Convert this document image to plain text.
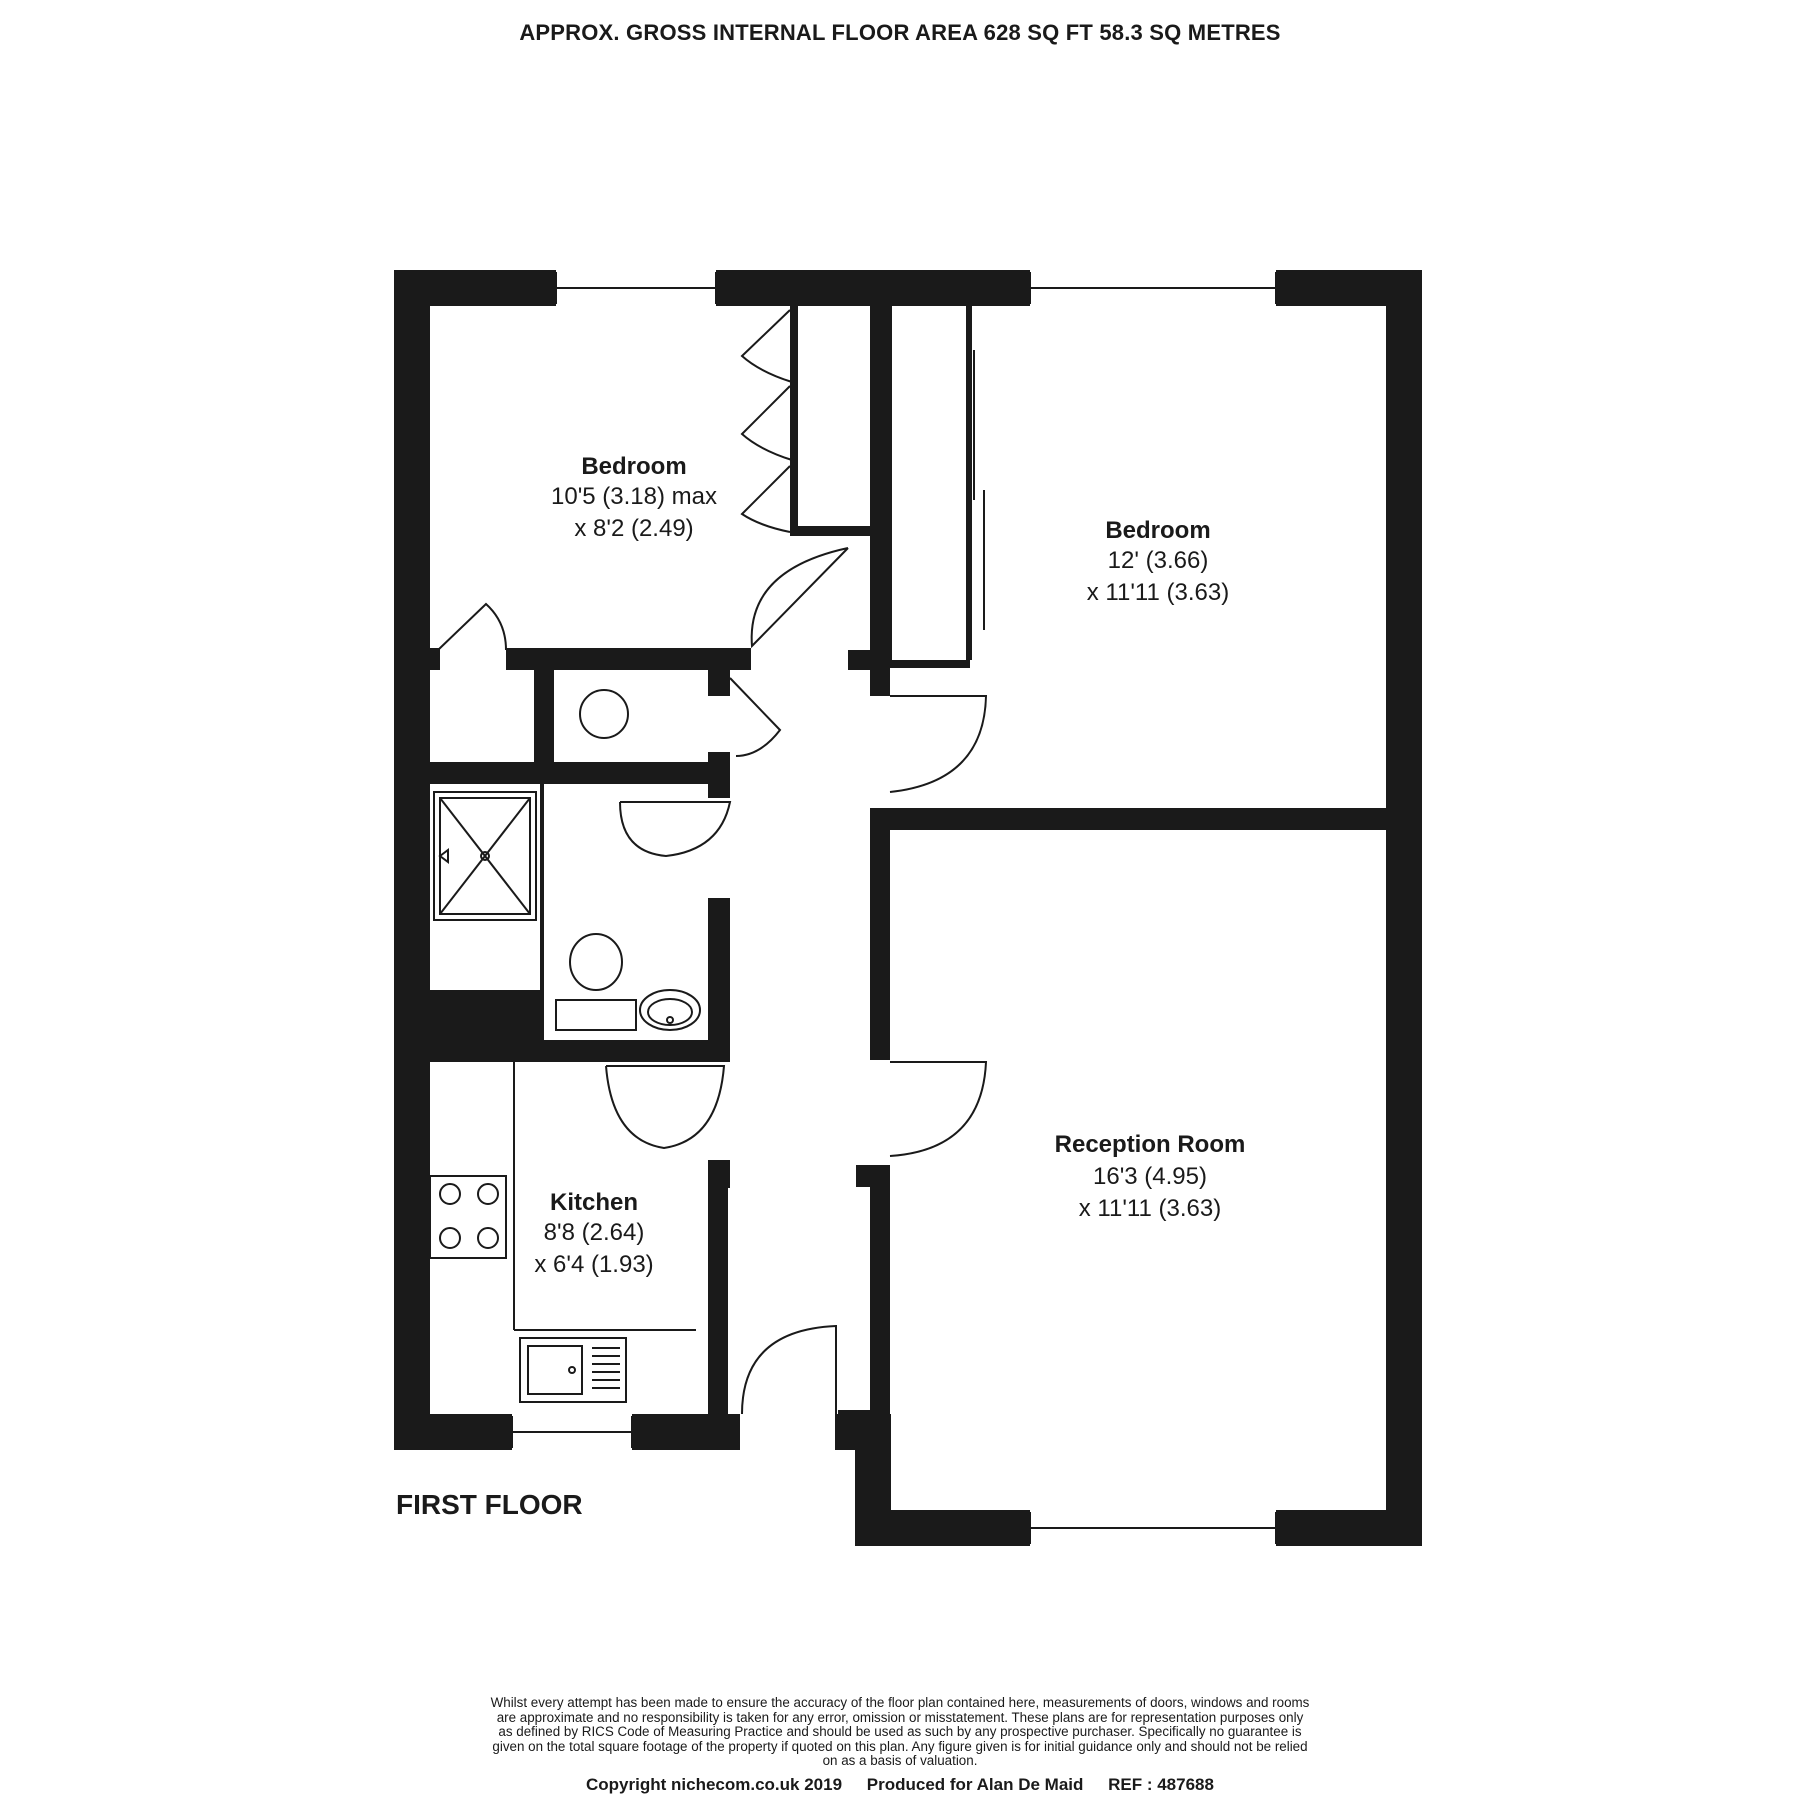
APPROX. GROSS INTERNAL FLOOR AREA 628 SQ FT 58.3 SQ METRES
Bedroom
10'5 (3.18) max
x 8'2 (2.49)	Bedroom
12' (3.66)
x 11'11 (3.63)
Reception Room
16'3 (4.95)
x 11'11 (3.63)
Kitchen
8'8 (2.64)
x 6'4 (1.93)
FIRST FLOOR
Whilst every attempt has been made to ensure the accuracy of the floor plan contained here, measurements of doors, windows and rooms
are approximate and no responsibility is taken for any error, omission or misstatement. These plans are for representation purposes only
as defined by RICS Code of Measuring Practice and should be used as such by any prospective purchaser. Specifically no guarantee is
given on the total square footage of the property if quoted on this plan. Any figure given is for initial guidance only and should not be relied
on as a basis of valuation.
Copyright nichecom.co.uk 2019 Produced for Alan De Maid REF : 487688
